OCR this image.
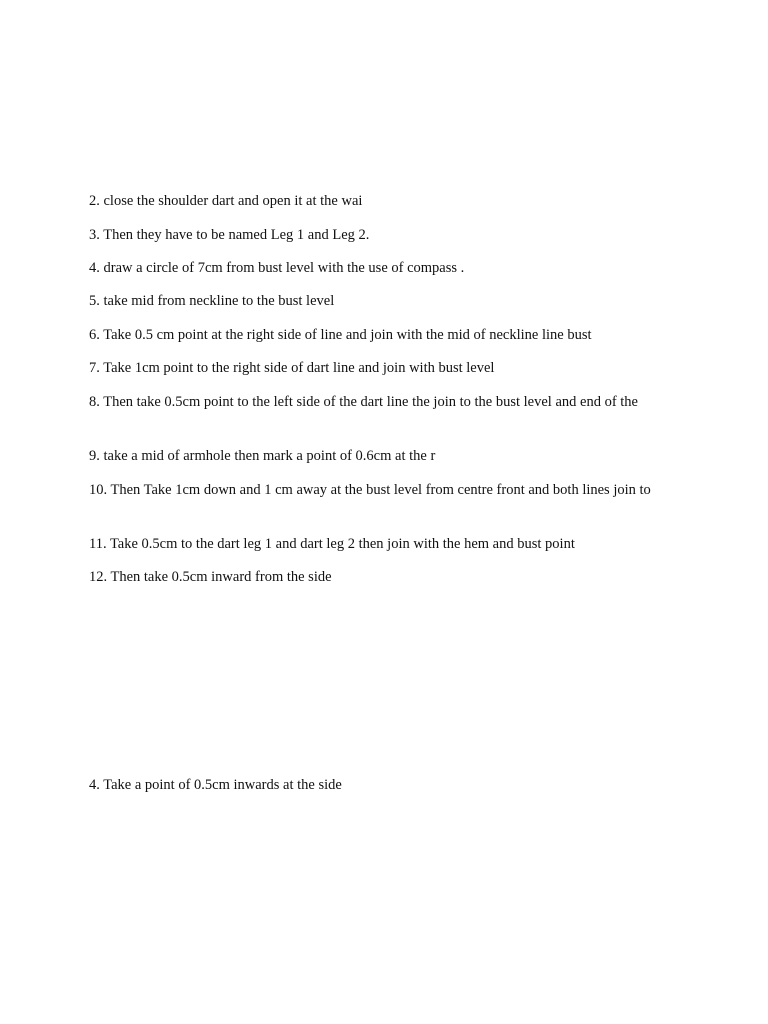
2. close the shoulder dart and open it at the wai
3. Then they have to be named Leg 1 and Leg 2.
4. draw a circle of 7cm from bust level with the use of compass .
5. take mid from neckline to the bust level
6. Take 0.5 cm point at the right side of line and join with the mid of neckline line bust
7. Take 1cm point to the right side of dart line and join with bust level
8. Then take 0.5cm point to the left side of the dart line the join to the bust level and end of the
9. take a mid of armhole then mark a point of 0.6cm at the r
10. Then Take 1cm down and 1 cm away at the bust level from centre front and both lines join to
11. Take 0.5cm to the dart leg 1 and dart leg 2 then join with the hem and bust point
12. Then take 0.5cm inward from the side
4. Take a point of 0.5cm inwards at the side
